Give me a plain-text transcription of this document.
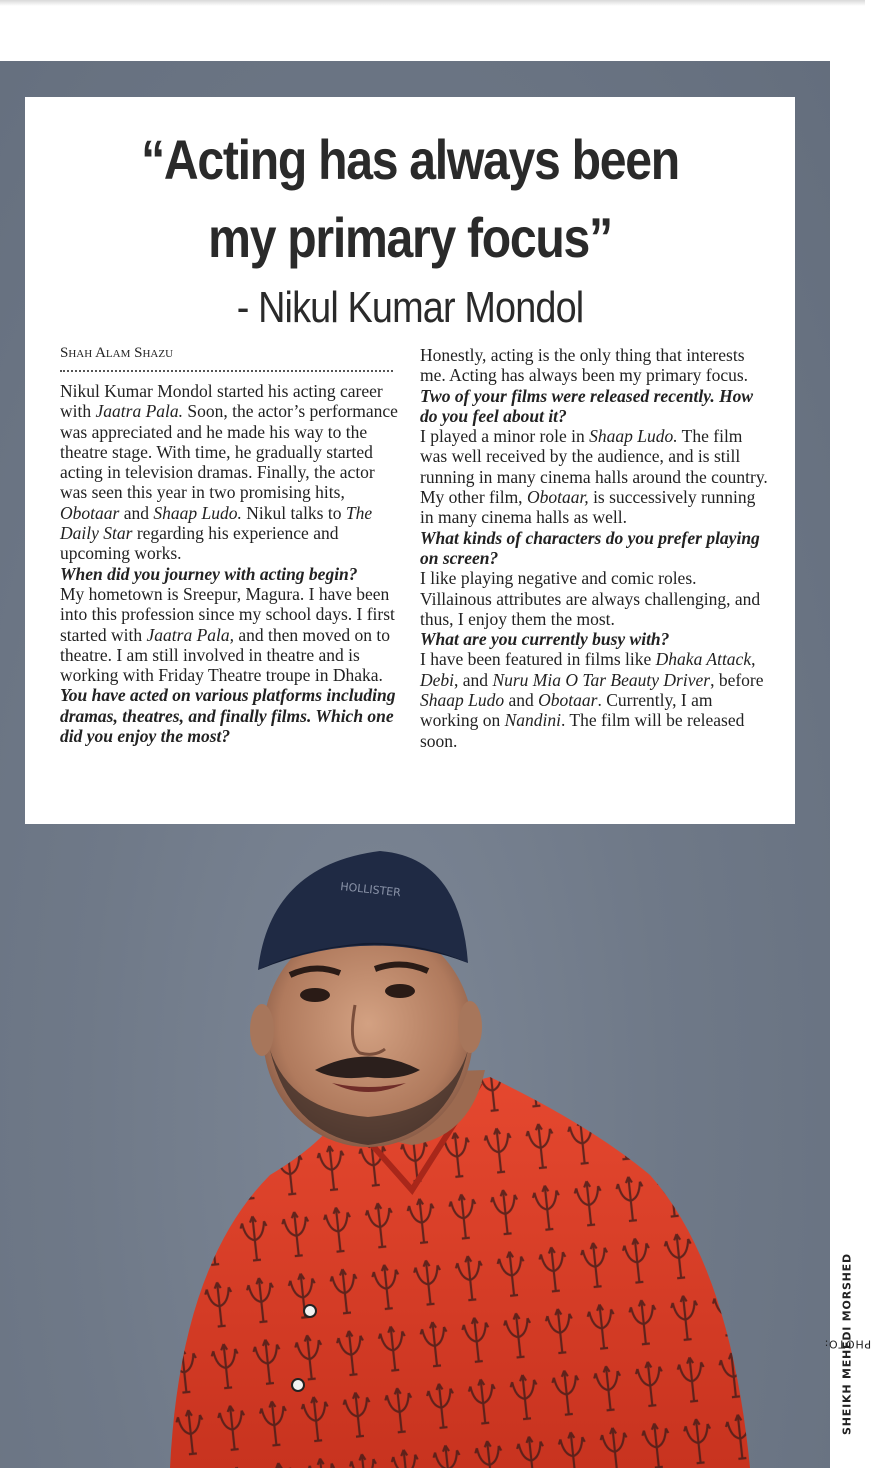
“Acting has always been
my primary focus”
- Nikul Kumar Mondol
Shah Alam Shazu

Nikul Kumar Mondol started his acting career with Jaatra Pala. Soon, the actor’s performance was appreciated and he made his way to the theatre stage. With time, he gradually started acting in television dramas. Finally, the actor was seen this year in two promising hits, Obotaar and Shaap Ludo. Nikul talks to The Daily Star regarding his experience and upcoming works.

When did you journey with acting begin?

My hometown is Sreepur, Magura. I have been into this profession since my school days. I first started with Jaatra Pala, and then moved on to theatre. I am still involved in theatre and is working with Friday Theatre troupe in Dhaka.

You have acted on various platforms including dramas, theatres, and finally films. Which one did you enjoy the most?

Honestly, acting is the only thing that interests me. Acting has always been my primary focus.

Two of your films were released recently. How do you feel about it?

I played a minor role in Shaap Ludo. The film was well received by the audience, and is still running in many cinema halls around the country. My other film, Obotaar, is successively running in many cinema halls as well.

What kinds of characters do you prefer playing on screen?

I like playing negative and comic roles. Villainous attributes are always challenging, and thus, I enjoy them the most.

What are you currently busy with?

I have been featured in films like Dhaka Attack, Debi, and Nuru Mia O Tar Beauty Driver, before Shaap Ludo and Obotaar. Currently, I am working on Nandini. The film will be released soon.

HOLLISTER
PHOTO:
SHEIKH MEHEDI MORSHED
